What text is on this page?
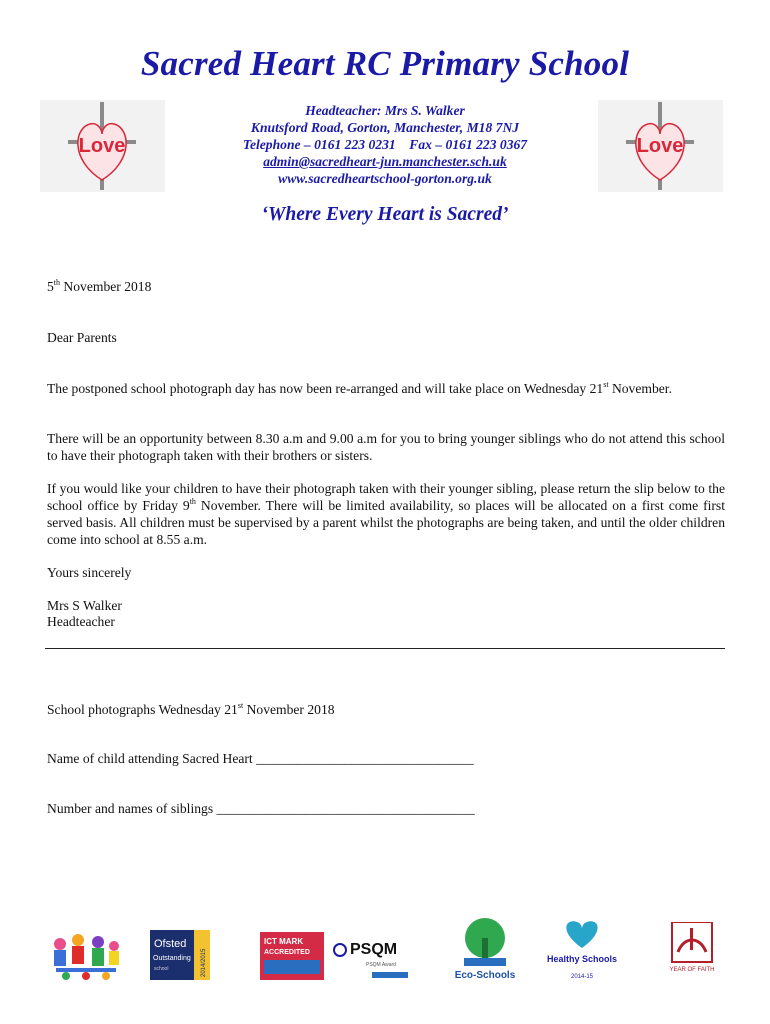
Sacred Heart RC Primary School
Love	Love
Headteacher: Mrs S. Walker
Knutsford Road, Gorton, Manchester, M18 7NJ
Telephone – 0161 223 0231    Fax – 0161 223 0367
admin@sacredheart-jun.manchester.sch.uk
www.sacredheartschool-gorton.org.uk
‘Where Every Heart is Sacred’
5th November 2018
Dear Parents
The postponed school photograph day has now been re-arranged and will take place on Wednesday 21st November.
There will be an opportunity between 8.30 a.m and 9.00 a.m for you to bring younger siblings who do not attend this school to have their photograph taken with their brothers or sisters.
If you would like your children to have their photograph taken with their younger sibling, please return the slip below to the school office by Friday 9th November. There will be limited availability, so places will be allocated on a first come first served basis. All children must be supervised by a parent whilst the photographs are being taken, and until the older children come into school at 8.55 a.m.
Yours sincerely
Mrs S Walker
Headteacher
School photographs Wednesday 21st November 2018
Name of child attending Sacred Heart ________________________________
Number and names of siblings ______________________________________
Ofsted
Outstanding
school	2014/2015
ICT MARK
ACCREDITED	PSQM
PSQM Award
Eco-Schools
Healthy Schools
2014-15
YEAR OF FAITH
